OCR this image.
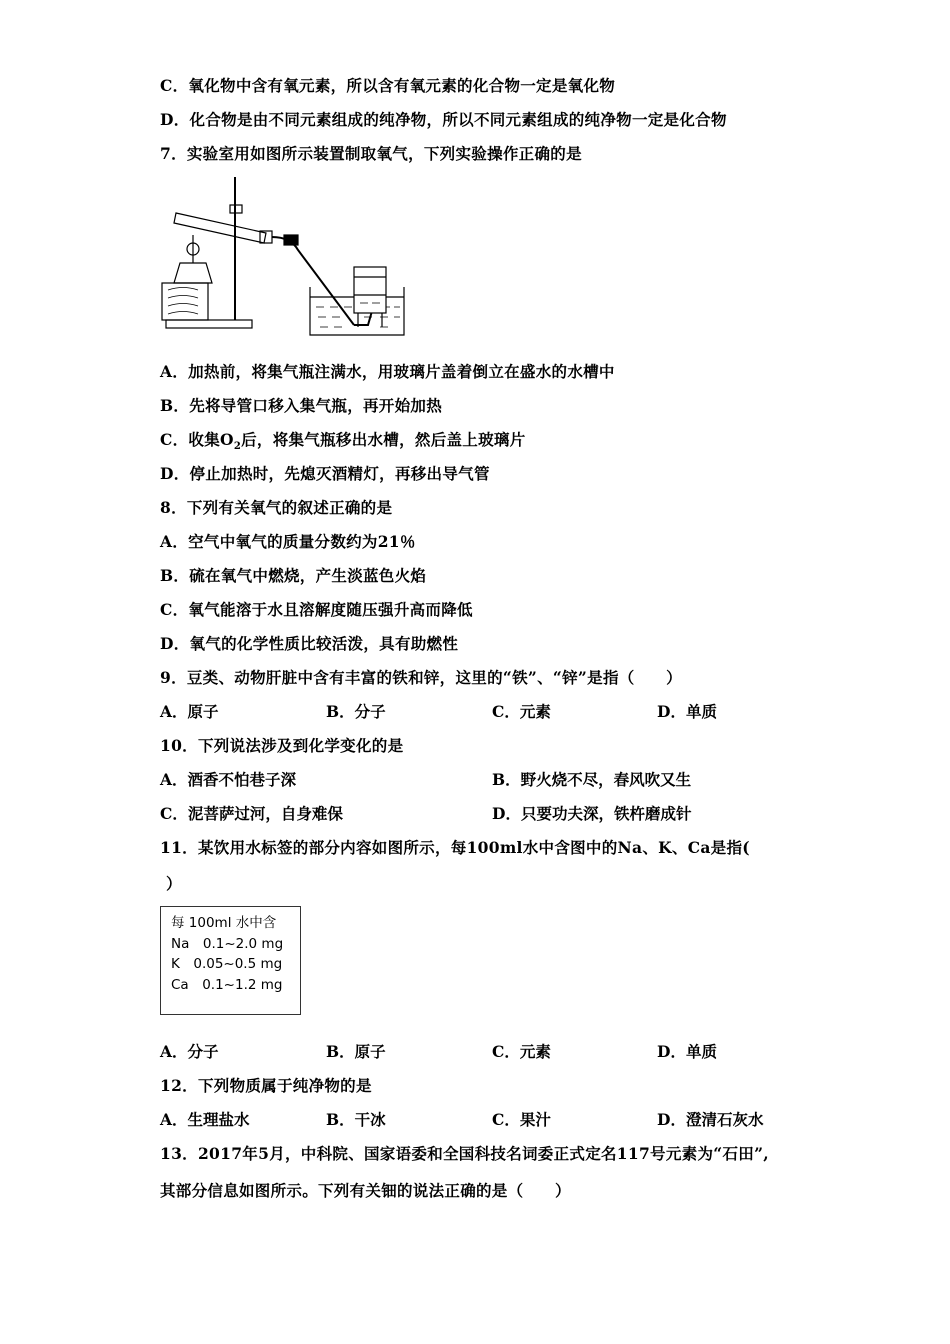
C．氧化物中含有氧元素，所以含有氧元素的化合物一定是氧化物
D．化合物是由不同元素组成的纯净物，所以不同元素组成的纯净物一定是化合物
7．实验室用如图所示装置制取氧气，下列实验操作正确的是
A．加热前，将集气瓶注满水，用玻璃片盖着倒立在盛水的水槽中
B．先将导管口移入集气瓶，再开始加热
C．收集$O_2$后，将集气瓶移出水槽，然后盖上玻璃片
D．停止加热时，先熄灭酒精灯，再移出导气管
8．下列有关氧气的叙述正确的是
A．空气中氧气的质量分数约为21％
B．硫在氧气中燃烧，产生淡蓝色火焰
C．氧气能溶于水且溶解度随压强升高而降低
D．氧气的化学性质比较活泼，具有助燃性
9．豆类、动物肝脏中含有丰富的铁和锌，这里的“铁”、“锌”是指（　　）
A．原子	B．分子	C．元素	D．单质
10．下列说法涉及到化学变化的是
A．酒香不怕巷子深	B．野火烧不尽，春风吹又生
C．泥菩萨过河，自身难保	D．只要功夫深，铁杵磨成针
11．某饮用水标签的部分内容如图所示，每100ml水中含图中的Na、K、Ca是指(
）
每 100ml 水中含
Na　0.1~2.0 mg
K　0.05~0.5 mg
Ca　0.1~1.2 mg
A．分子	B．原子	C．元素	D．单质
12．下列物质属于纯净物的是
A．生理盐水	B．干冰	C．果汁	D．澄清石灰水
13．2017年5月，中科院、国家语委和全国科技名词委正式定名117号元素为“石田”,
其部分信息如图所示。下列有关钿的说法正确的是（　　）
